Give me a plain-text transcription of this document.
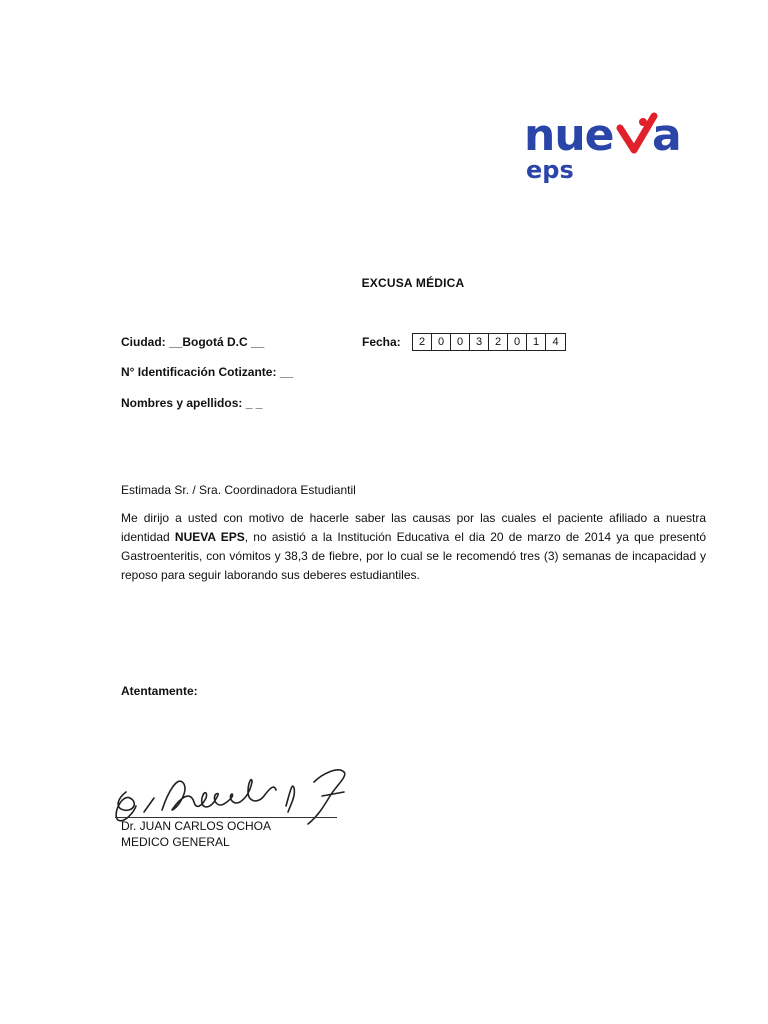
nue a
eps
EXCUSA MÉDICA
Ciudad: __Bogotá D.C __	Fecha:	2	0	0	3	2	0	1	4
N° Identificación Cotizante: __
Nombres y apellidos: _ _
Estimada Sr. / Sra. Coordinadora Estudiantil
Me dirijo a usted con motivo de hacerle saber las causas por las cuales el paciente afiliado a nuestra identidad NUEVA EPS, no asistió a la Institución Educativa el dia 20 de marzo de 2014 ya que presentó Gastroenteritis, con vómitos y 38,3 de fiebre, por lo cual se le recomendó tres (3) semanas de incapacidad y reposo para seguir laborando sus deberes estudiantiles.
Atentamente:
Dr. JUAN CARLOS OCHOA
MEDICO GENERAL
